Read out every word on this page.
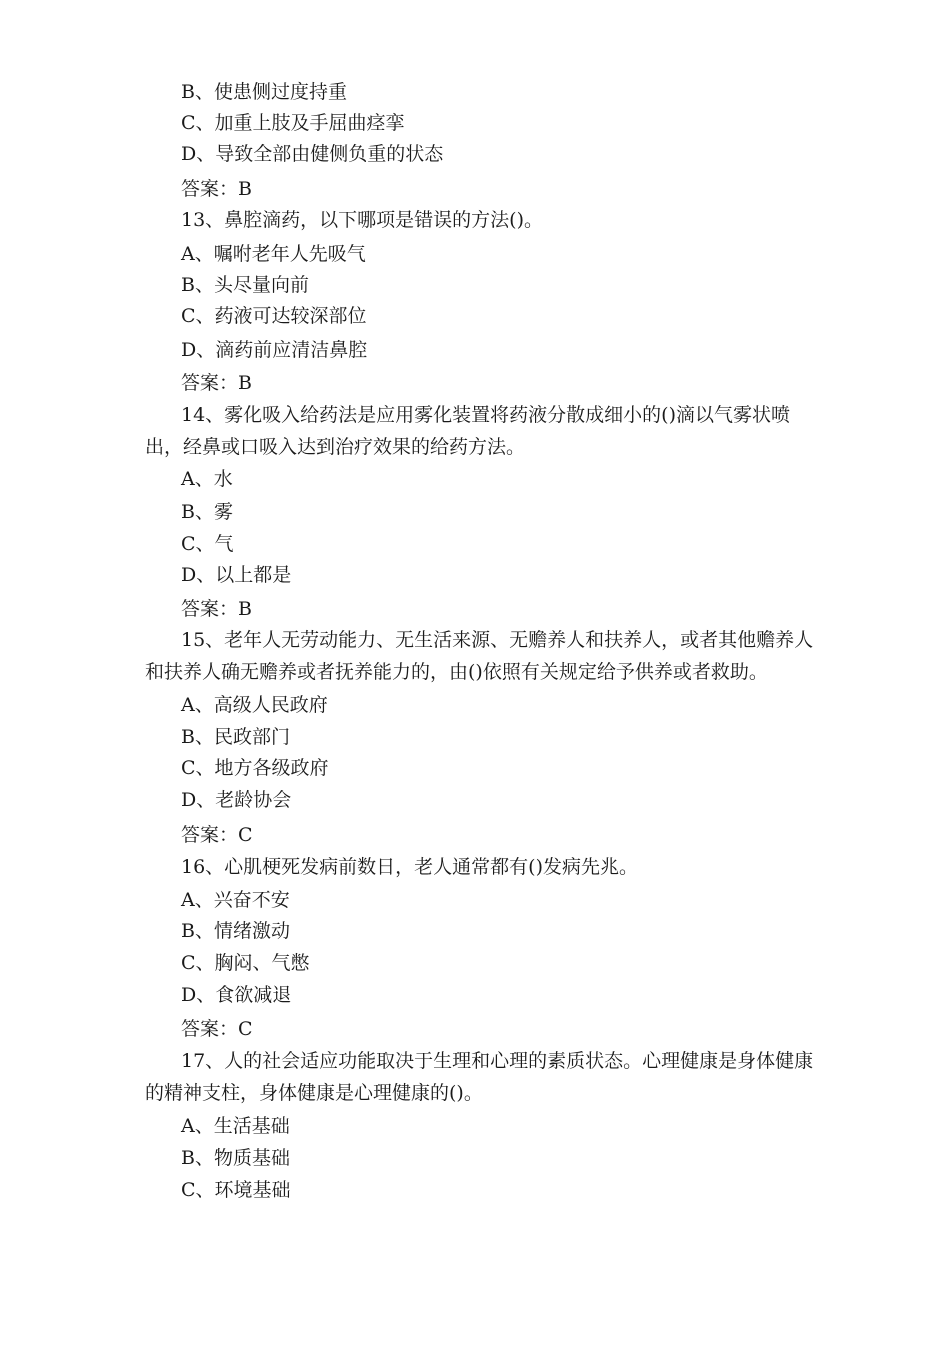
B、使患侧过度持重
C、加重上肢及手屈曲痉挛
D、导致全部由健侧负重的状态
答案：B
13、鼻腔滴药，以下哪项是错误的方法()。
A、嘱咐老年人先吸气
B、头尽量向前
C、药液可达较深部位
D、滴药前应清洁鼻腔
答案：B
14、雾化吸入给药法是应用雾化装置将药液分散成细小的()滴以气雾状喷出，经鼻或口吸入达到治疗效果的给药方法。
A、水
B、雾
C、气
D、以上都是
答案：B
15、老年人无劳动能力、无生活来源、无赡养人和扶养人，或者其他赡养人和扶养人确无赡养或者抚养能力的，由()依照有关规定给予供养或者救助。
A、高级人民政府
B、民政部门
C、地方各级政府
D、老龄协会
答案：C
16、心肌梗死发病前数日，老人通常都有()发病先兆。
A、兴奋不安
B、情绪激动
C、胸闷、气憋
D、食欲减退
答案：C
17、人的社会适应功能取决于生理和心理的素质状态。心理健康是身体健康的精神支柱，身体健康是心理健康的()。
A、生活基础
B、物质基础
C、环境基础
